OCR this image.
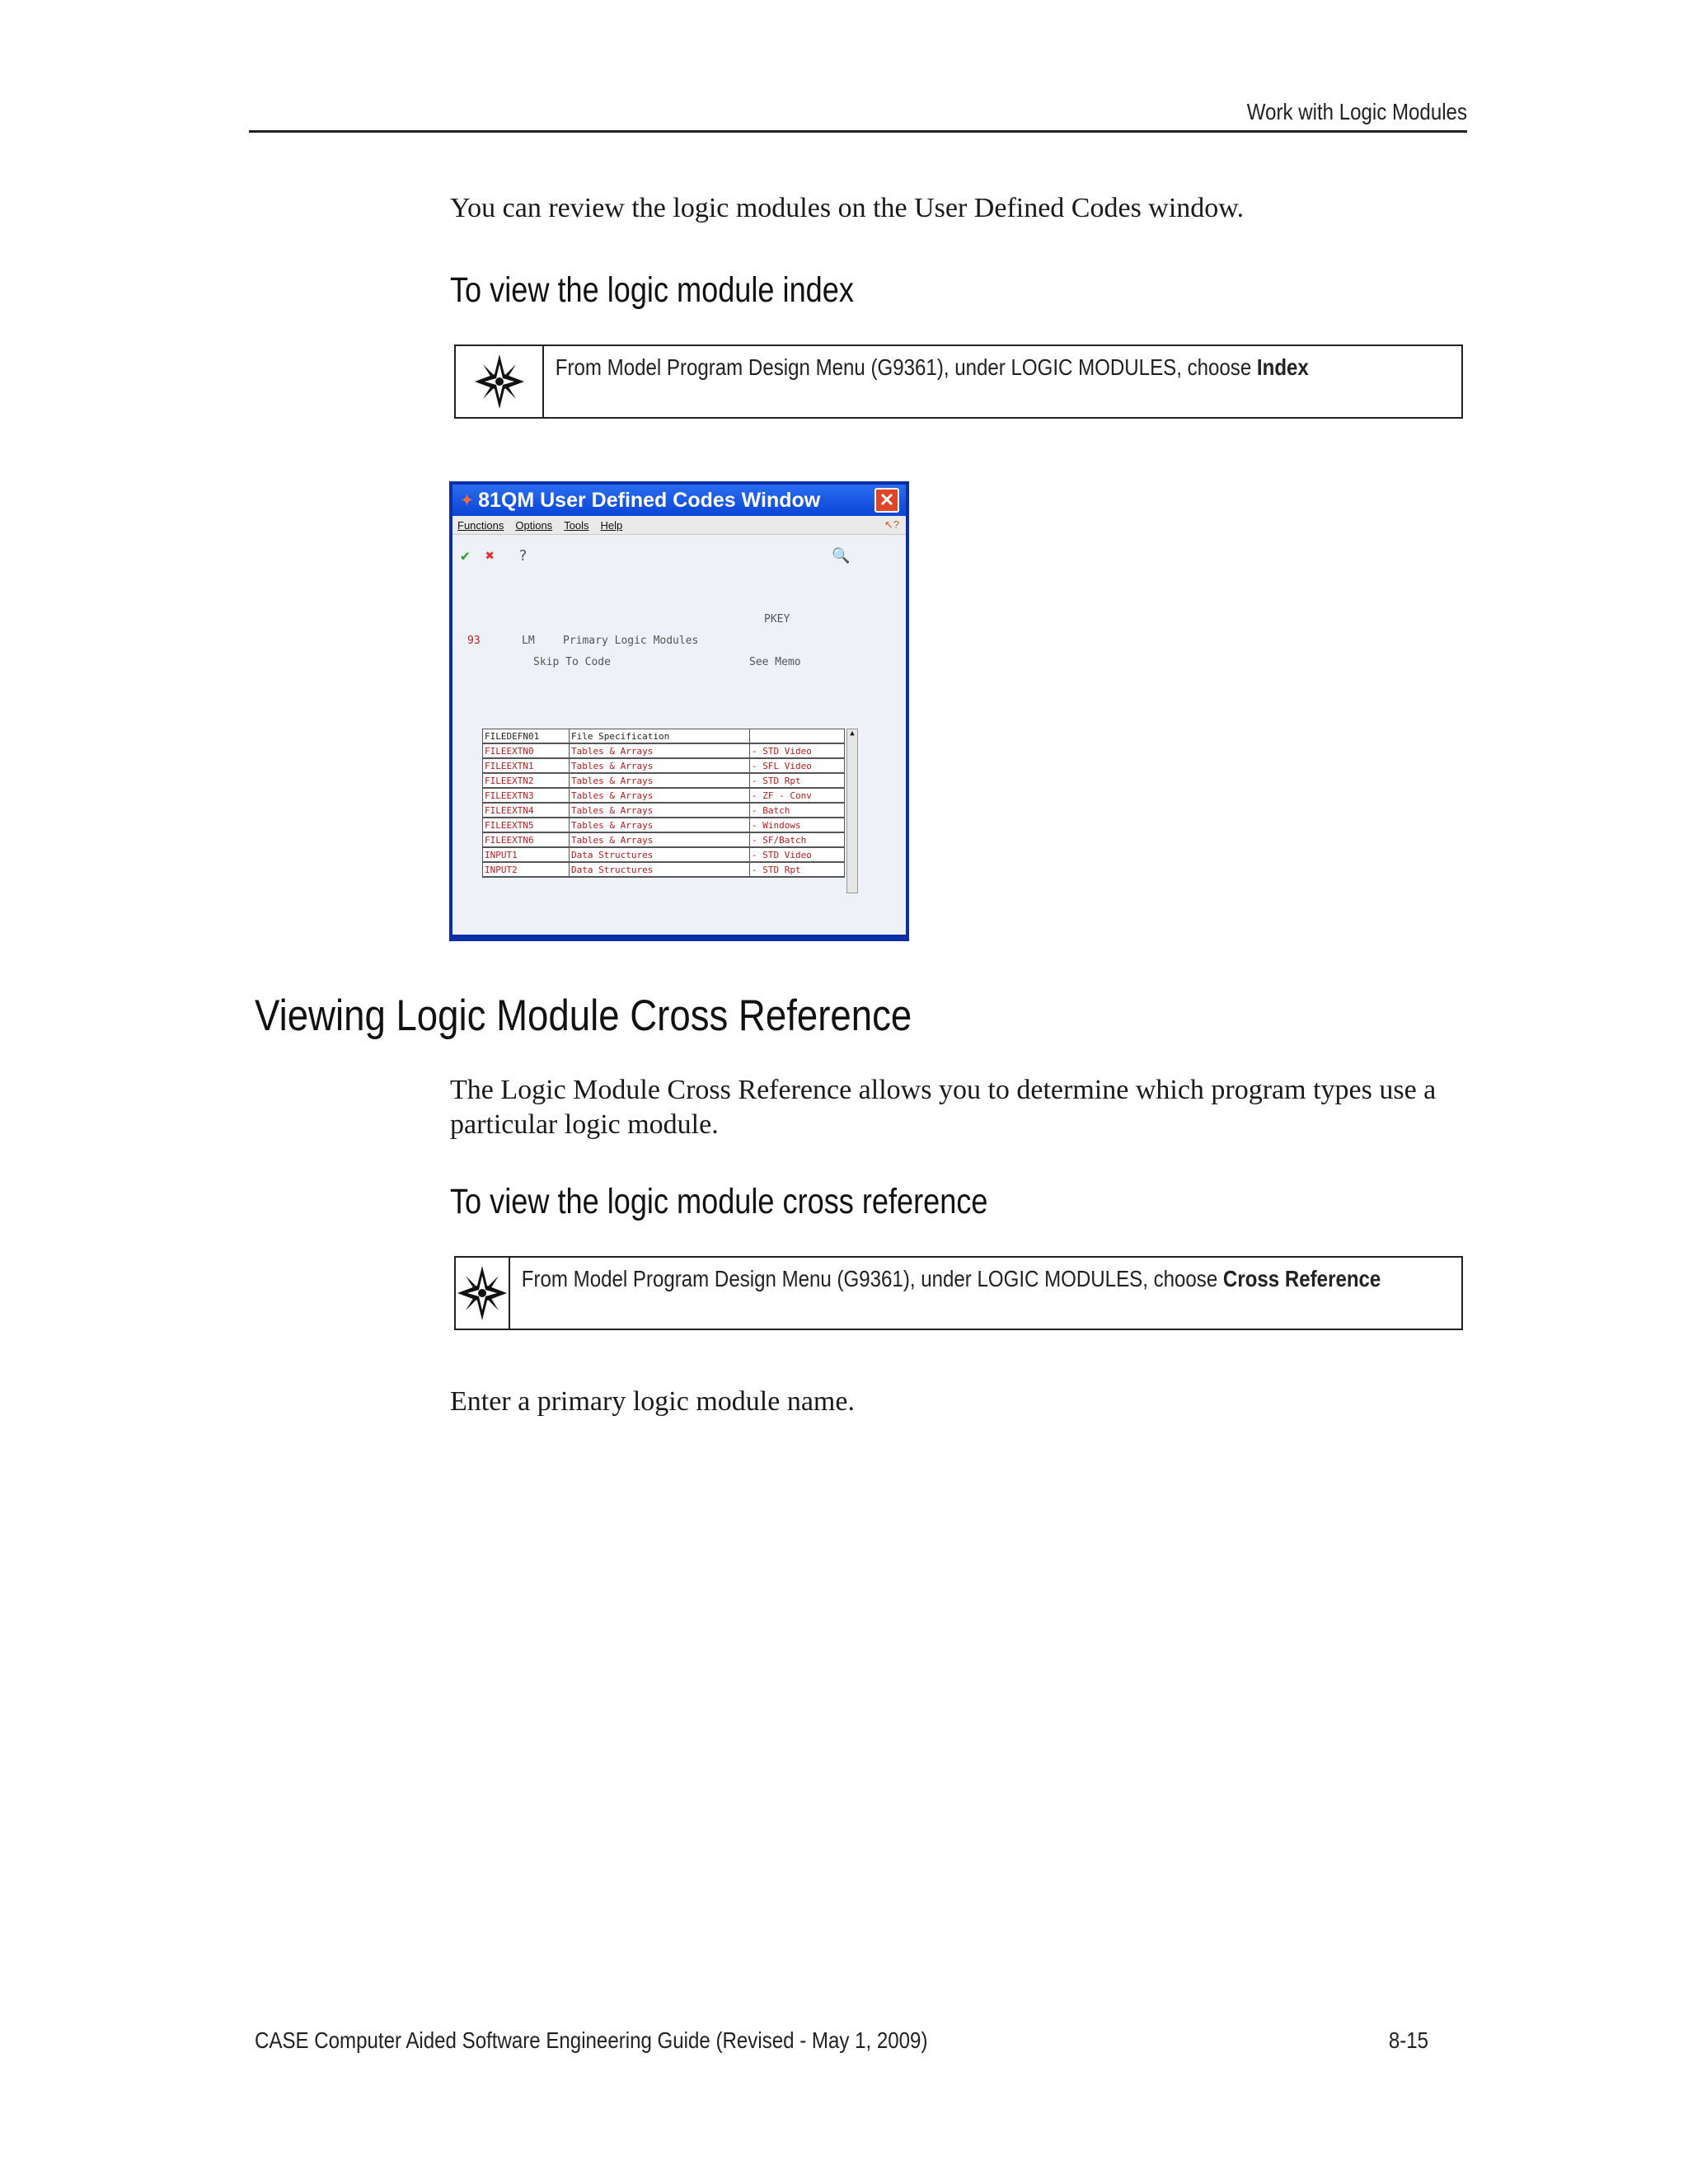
Work with Logic Modules

You can review the logic modules on the User Defined Codes window.

To view the logic module index
From Model Program Design Menu (G9361), under LOGIC MODULES, choose Index
✦ 81QM User Defined Codes Window	✕
Functions Options Tools Help	↖?
✔ ✖ ?	🔍
PKEY
93	LM	Primary Logic Modules
Skip To Code	See Memo
FILEDEFN01	File Specification	
FILEEXTN0	Tables & Arrays	- STD Video
FILEEXTN1	Tables & Arrays	- SFL Video
FILEEXTN2	Tables & Arrays	- STD Rpt
FILEEXTN3	Tables & Arrays	- ZF - Conv
FILEEXTN4	Tables & Arrays	- Batch
FILEEXTN5	Tables & Arrays	- Windows
FILEEXTN6	Tables & Arrays	- SF/Batch
INPUT1	Data Structures	- STD Video
INPUT2	Data Structures	- STD Rpt
▲
Viewing Logic Module Cross Reference

The Logic Module Cross Reference allows you to determine which program types use a particular logic module.

To view the logic module cross reference
From Model Program Design Menu (G9361), under LOGIC MODULES, choose Cross Reference

Enter a primary logic module name.

CASE Computer Aided Software Engineering Guide (Revised - May 1, 2009)	8-15
